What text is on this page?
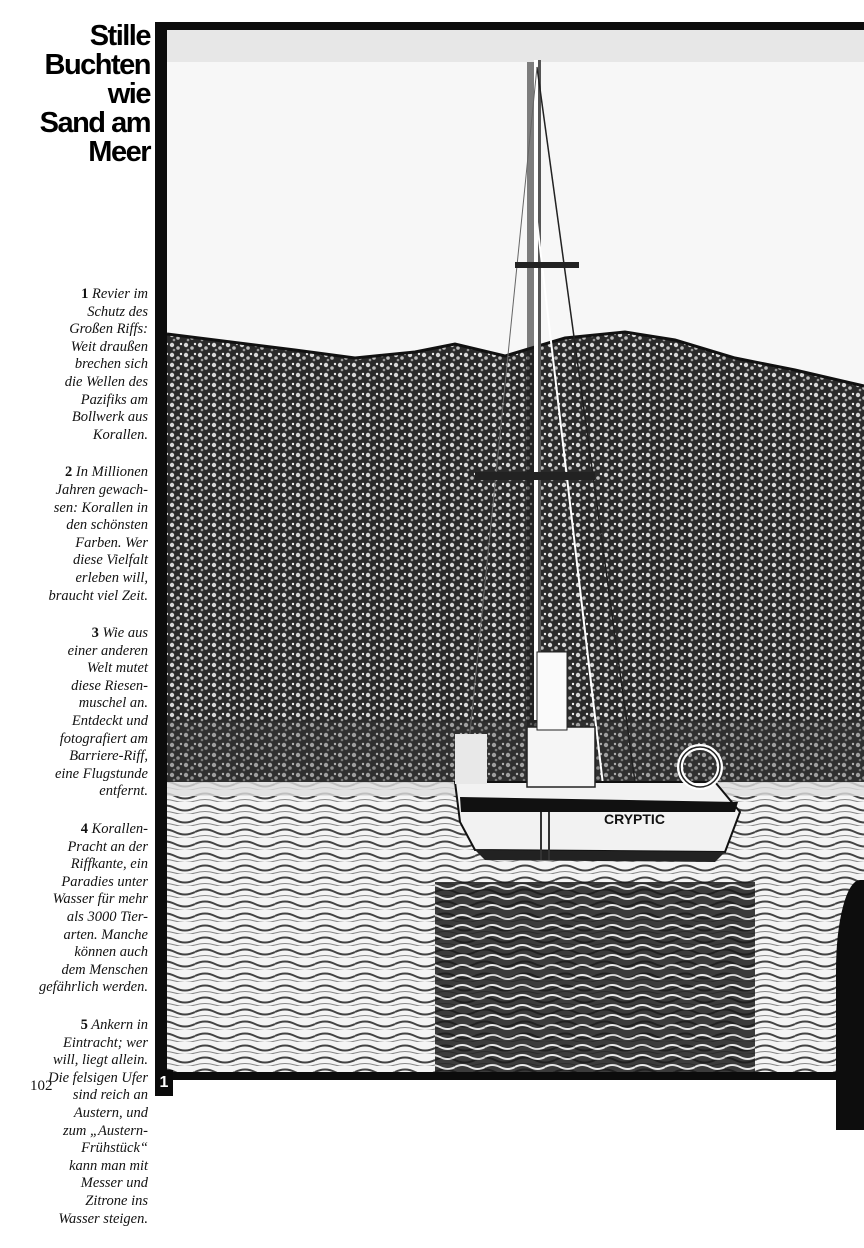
Stille
Buchten
wie
Sand am
Meer
1 Revier im
Schutz des
Großen Riffs:
Weit draußen
brechen sich
die Wellen des
Pazifiks am
Bollwerk aus
Korallen.
2 In Millionen
Jahren gewach-
sen: Korallen in
den schönsten
Farben. Wer
diese Vielfalt
erleben will,
braucht viel Zeit.
3 Wie aus
einer anderen
Welt mutet
diese Riesen-
muschel an.
Entdeckt und
fotografiert am
Barriere-Riff,
eine Flugstunde
entfernt.
4 Korallen-
Pracht an der
Riffkante, ein
Paradies unter
Wasser für mehr
als 3000 Tier-
arten. Manche
können auch
dem Menschen
gefährlich werden.
5 Ankern in
Eintracht; wer
will, liegt allein.
Die felsigen Ufer
sind reich an
Austern, und
zum „Austern-
Frühstück“
kann man mit
Messer und
Zitrone ins
Wasser steigen.
102
CRYPTIC
1
